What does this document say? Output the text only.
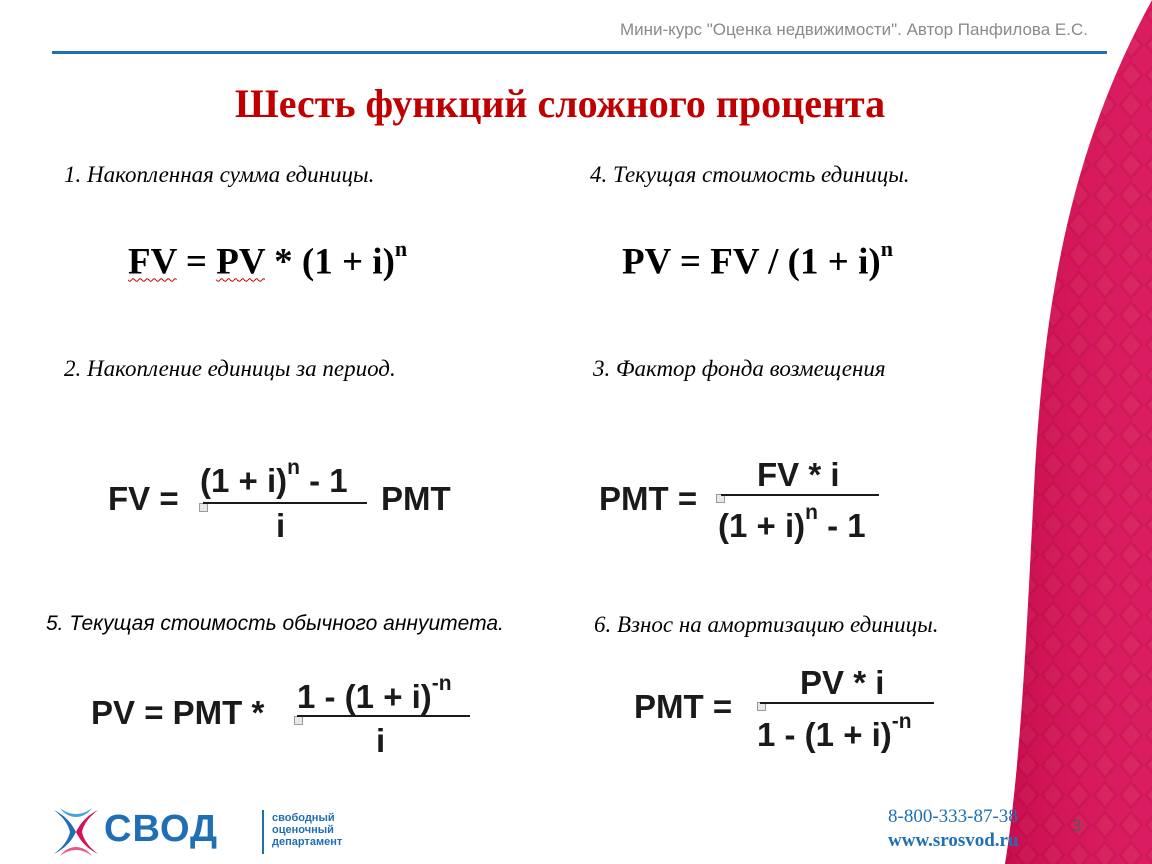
Мини-курс "Оценка недвижимости". Автор Панфилова Е.С.
Шесть функций сложного процента
1. Накопленная сумма единицы.
FV = PV * $(1 + i)^n$
4. Текущая стоимость единицы.
PV = FV / $(1 + i)^n$
2. Накопление единицы за период.
FV = $(1 + i)^n - 1$
i
PMT
3. Фактор фонда возмещения
PMT =
FV * i
$(1 + i)^n - 1$
5. Текущая стоимость обычного аннуитета.
PV = PMT * $1 - (1 + i)^{-n}$
i
6. Взнос на амортизацию единицы.
PMT =
PV * i
$1 - (1 + i)^{-n}$
СВОД	свободный
оценочный
департамент
8-800-333-87-38
www.srosvod.ru
3
